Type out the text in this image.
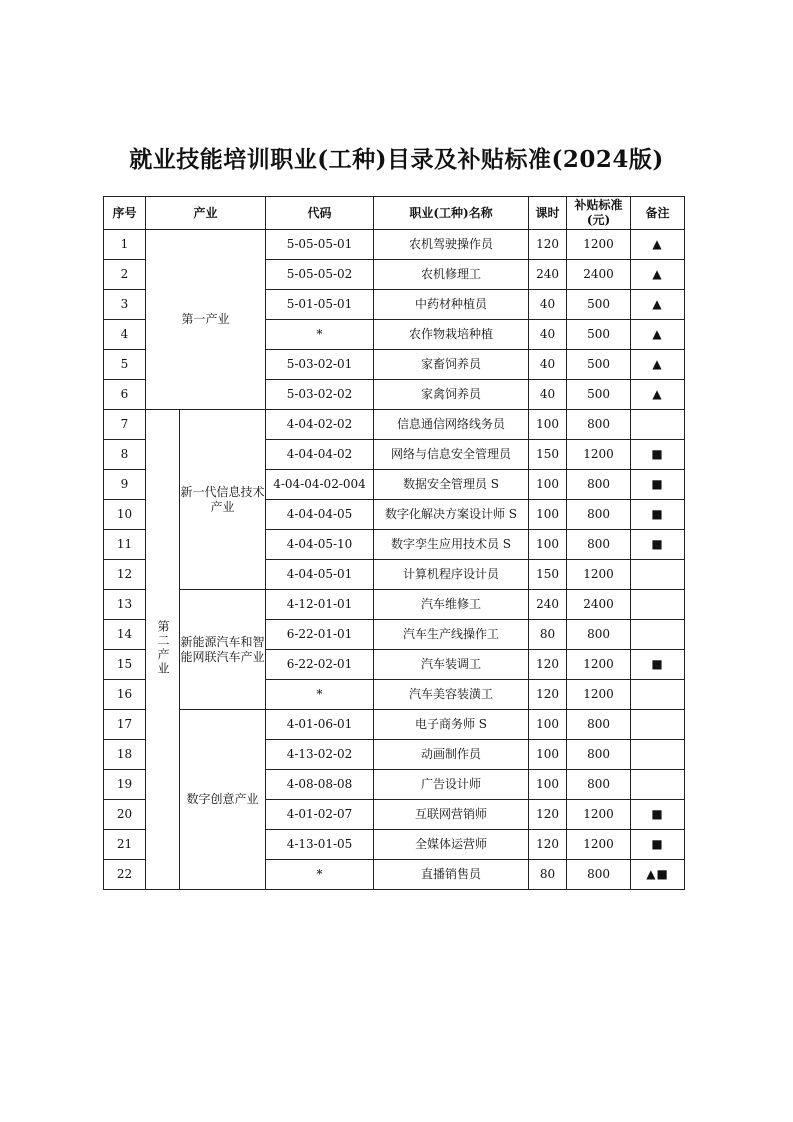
就业技能培训职业(工种)目录及补贴标准(2024版)
序号	产业		代码	职业(工种)名称	课时	补贴标准(元)	备注
1	第一产业		5-05-05-01	农机驾驶操作员	120	1200	▲
2			5-05-05-02	农机修理工	240	2400	▲
3			5-01-05-01	中药材种植员	40	500	▲
4			*	农作物栽培种植	40	500	▲
5			5-03-02-01	家畜饲养员	40	500	▲
6			5-03-02-02	家禽饲养员	40	500	▲
7	第二产业	新一代信息技术产业	4-04-02-02	信息通信网络线务员	100	800	
8			4-04-04-02	网络与信息安全管理员	150	1200	■
9			4-04-04-02-004	数据安全管理员 S	100	800	■
10			4-04-04-05	数字化解决方案设计师 S	100	800	■
11			4-04-05-10	数字孪生应用技术员 S	100	800	■
12			4-04-05-01	计算机程序设计员	150	1200	
13		新能源汽车和智能网联汽车产业	4-12-01-01	汽车维修工	240	2400	
14			6-22-01-01	汽车生产线操作工	80	800	
15			6-22-02-01	汽车装调工	120	1200	■
16			*	汽车美容装潢工	120	1200	
17		数字创意产业	4-01-06-01	电子商务师 S	100	800	
18			4-13-02-02	动画制作员	100	800	
19			4-08-08-08	广告设计师	100	800	
20			4-01-02-07	互联网营销师	120	1200	■
21			4-13-01-05	全媒体运营师	120	1200	■
22			*	直播销售员	80	800	▲■
